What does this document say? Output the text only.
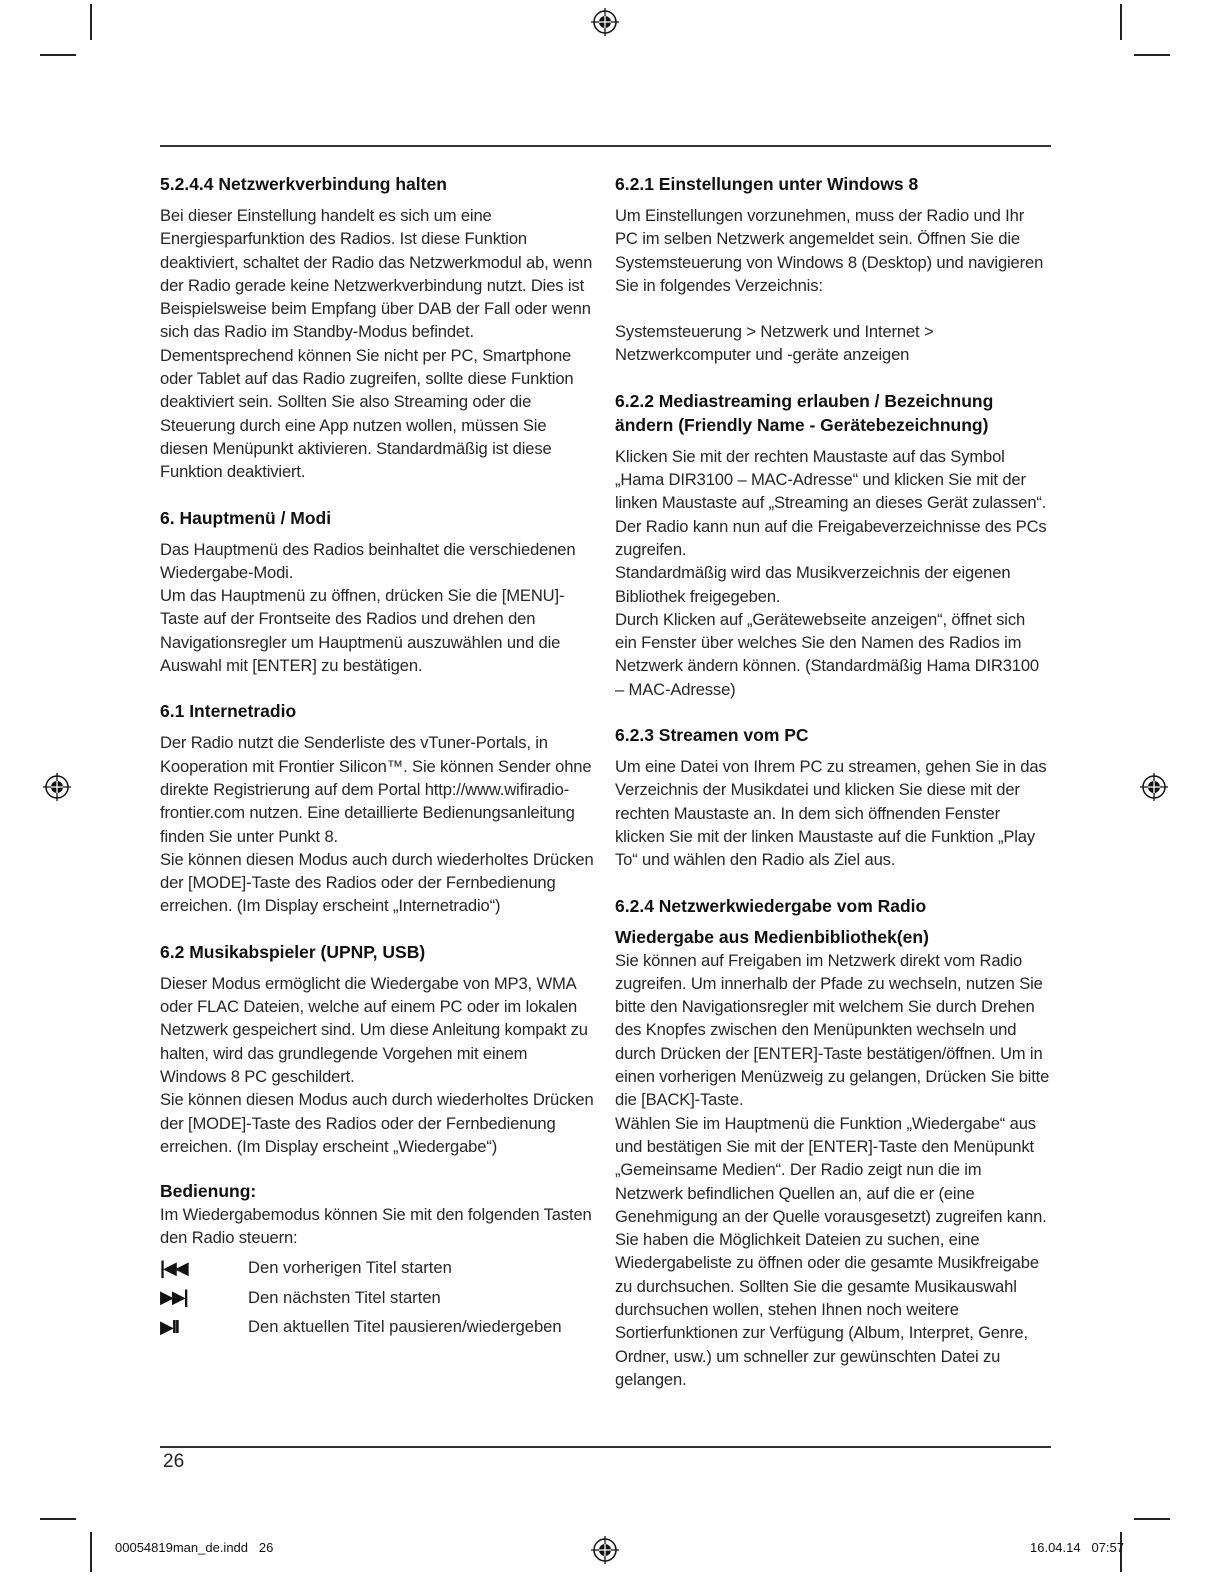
5.2.4.4 Netzwerkverbindung halten

Bei dieser Einstellung handelt es sich um eine Energiesparfunktion des Radios. Ist diese Funktion deaktiviert, schaltet der Radio das Netzwerkmodul ab, wenn der Radio gerade keine Netzwerkverbindung nutzt. Dies ist Beispielsweise beim Empfang über DAB der Fall oder wenn sich das Radio im Standby-Modus befindet. Dementsprechend können Sie nicht per PC, Smartphone oder Tablet auf das Radio zugreifen, sollte diese Funktion deaktiviert sein. Sollten Sie also Streaming oder die Steuerung durch eine App nutzen wollen, müssen Sie diesen Menüpunkt aktivieren. Standardmäßig ist diese Funktion deaktiviert.

6. Hauptmenü / Modi

Das Hauptmenü des Radios beinhaltet die verschiedenen Wiedergabe-Modi.

Um das Hauptmenü zu öffnen, drücken Sie die [MENU]-Taste auf der Frontseite des Radios und drehen den Navigationsregler um Hauptmenü auszuwählen und die Auswahl mit [ENTER] zu bestätigen.

6.1 Internetradio

Der Radio nutzt die Senderliste des vTuner-Portals, in Kooperation mit Frontier Silicon™. Sie können Sender ohne direkte Registrierung auf dem Portal http://www.wifiradio-frontier.com nutzen. Eine detaillierte Bedienungsanleitung finden Sie unter Punkt 8.

Sie können diesen Modus auch durch wiederholtes Drücken der [MODE]-Taste des Radios oder der Fernbedienung erreichen. (Im Display erscheint „Internetradio“)

6.2 Musikabspieler (UPNP, USB)

Dieser Modus ermöglicht die Wiedergabe von MP3, WMA oder FLAC Dateien, welche auf einem PC oder im lokalen Netzwerk gespeichert sind. Um diese Anleitung kompakt zu halten, wird das grundlegende Vorgehen mit einem Windows 8 PC geschildert.

Sie können diesen Modus auch durch wiederholtes Drücken der [MODE]-Taste des Radios oder der Fernbedienung erreichen. (Im Display erscheint „Wiedergabe“)

Bedienung:

Im Wiedergabemodus können Sie mit den folgenden Tasten den Radio steuern:

|◀◀	Den vorherigen Titel starten
▶▶|	Den nächsten Titel starten
▶II	Den aktuellen Titel pausieren/wiedergeben
6.2.1 Einstellungen unter Windows 8

Um Einstellungen vorzunehmen, muss der Radio und Ihr PC im selben Netzwerk angemeldet sein. Öffnen Sie die Systemsteuerung von Windows 8 (Desktop) und navigieren Sie in folgendes Verzeichnis:

Systemsteuerung > Netzwerk und Internet > Netzwerkcomputer und -geräte anzeigen

6.2.2 Mediastreaming erlauben / Bezeichnung ändern (Friendly Name - Gerätebezeichnung)

Klicken Sie mit der rechten Maustaste auf das Symbol „Hama DIR3100 – MAC-Adresse“ und klicken Sie mit der linken Maustaste auf „Streaming an dieses Gerät zulassen“. Der Radio kann nun auf die Freigabeverzeichnisse des PCs zugreifen.

Standardmäßig wird das Musikverzeichnis der eigenen Bibliothek freigegeben.

Durch Klicken auf „Gerätewebseite anzeigen“, öffnet sich ein Fenster über welches Sie den Namen des Radios im Netzwerk ändern können. (Standardmäßig Hama DIR3100 – MAC-Adresse)

6.2.3 Streamen vom PC

Um eine Datei von Ihrem PC zu streamen, gehen Sie in das Verzeichnis der Musikdatei und klicken Sie diese mit der rechten Maustaste an. In dem sich öffnenden Fenster klicken Sie mit der linken Maustaste auf die Funktion „Play To“ und wählen den Radio als Ziel aus.

6.2.4 Netzwerkwiedergabe vom Radio
Wiedergabe aus Medienbibliothek(en)

Sie können auf Freigaben im Netzwerk direkt vom Radio zugreifen. Um innerhalb der Pfade zu wechseln, nutzen Sie bitte den Navigationsregler mit welchem Sie durch Drehen des Knopfes zwischen den Menüpunkten wechseln und durch Drücken der [ENTER]-Taste bestätigen/öffnen. Um in einen vorherigen Menüzweig zu gelangen, Drücken Sie bitte die [BACK]-Taste.

Wählen Sie im Hauptmenü die Funktion „Wiedergabe“ aus und bestätigen Sie mit der [ENTER]-Taste den Menüpunkt „Gemeinsame Medien“. Der Radio zeigt nun die im Netzwerk befindlichen Quellen an, auf die er (eine Genehmigung an der Quelle vorausgesetzt) zugreifen kann. Sie haben die Möglichkeit Dateien zu suchen, eine Wiedergabeliste zu öffnen oder die gesamte Musikfreigabe zu durchsuchen. Sollten Sie die gesamte Musikauswahl durchsuchen wollen, stehen Ihnen noch weitere Sortierfunktionen zur Verfügung (Album, Interpret, Genre, Ordner, usw.) um schneller zur gewünschten Datei zu gelangen.

26
00054819man_de.indd   26	16.04.14   07:57
